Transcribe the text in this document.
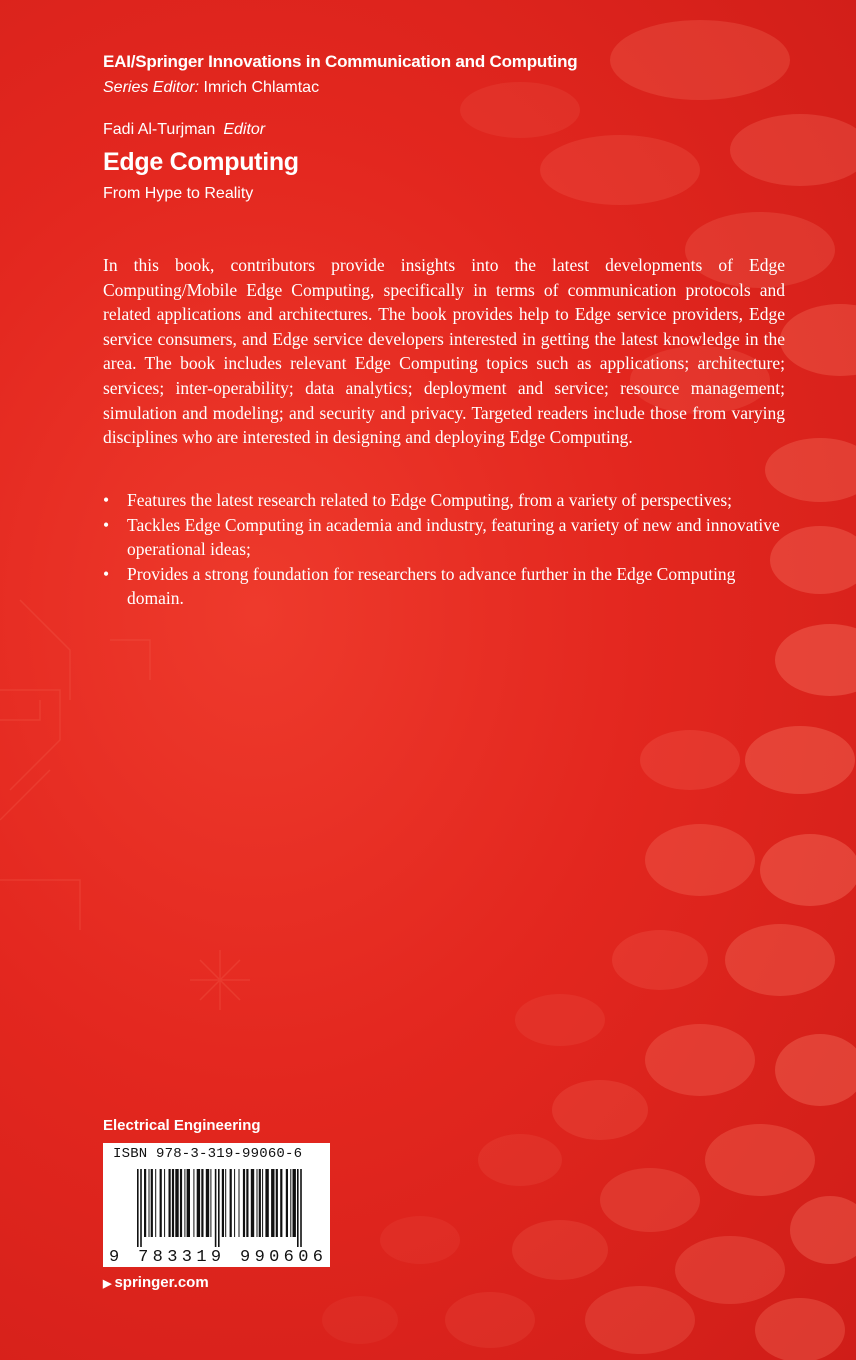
EAI/Springer Innovations in Communication and Computing
Series Editor: Imrich Chlamtac
Fadi Al-Turjman Editor
Edge Computing
From Hype to Reality

In this book, contributors provide insights into the latest developments of Edge Computing/Mobile Edge Computing, specifically in terms of communication protocols and related applications and architectures. The book provides help to Edge service providers, Edge service consumers, and Edge service developers interested in getting the latest knowledge in the area. The book includes relevant Edge Computing topics such as applications; architecture; services; inter-operability; data analytics; deployment and service; resource management; simulation and modeling; and security and privacy. Targeted readers include those from varying disciplines who are interested in designing and deploying Edge Computing.

• Features the latest research related to Edge Computing, from a variety of perspectives;
• Tackles Edge Computing in academia and industry, featuring a variety of new and innovative operational ideas;
• Provides a strong foundation for researchers to advance further in the Edge Computing domain.
Electrical Engineering
ISBN 978-3-319-99060-6
9 783319 990606
▶ springer.com
